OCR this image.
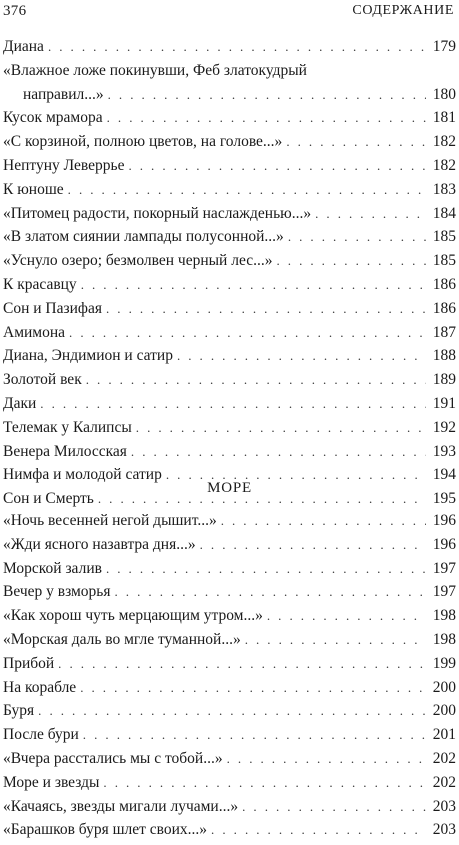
376	СОДЕРЖАНИЕ
Диана . . .	179
«Влажное ложе покинувши, Феб златокудрый
направил...» . . .	180
Кусок мрамора . . .	181
«С корзиной, полною цветов, на голове...» . . .	182
Нептуну Леверрье . . .	182
К юноше . . .	183
«Питомец радости, покорный наслажденью...» . . .	184
«В златом сиянии лампады полусонной...» . . .	185
«Уснуло озеро; безмолвен черный лес...» . . .	185
К красавцу . . .	186
Сон и Пазифая . . .	186
Амимона . . .	187
Диана, Эндимион и сатир . . .	188
Золотой век . . .	189
Даки . . .	191
Телемак у Калипсы . . .	192
Венера Милосская . . .	193
Нимфа и молодой сатир . . .	194
Сон и Смерть . . .	195
МОРЕ
«Ночь весенней негой дышит...» . . .	196
«Жди ясного назавтра дня...» . . .	196
Морской залив . . .	197
Вечер у взморья . . .	197
«Как хорош чуть мерцающим утром...» . . .	198
«Морская даль во мгле туманной...» . . .	198
Прибой . . .	199
На корабле . . .	200
Буря . . .	200
После бури . . .	201
«Вчера расстались мы с тобой...» . . .	202
Море и звезды . . .	202
«Качаясь, звезды мигали лучами...» . . .	203
«Барашков буря шлет своих...» . . .	203
